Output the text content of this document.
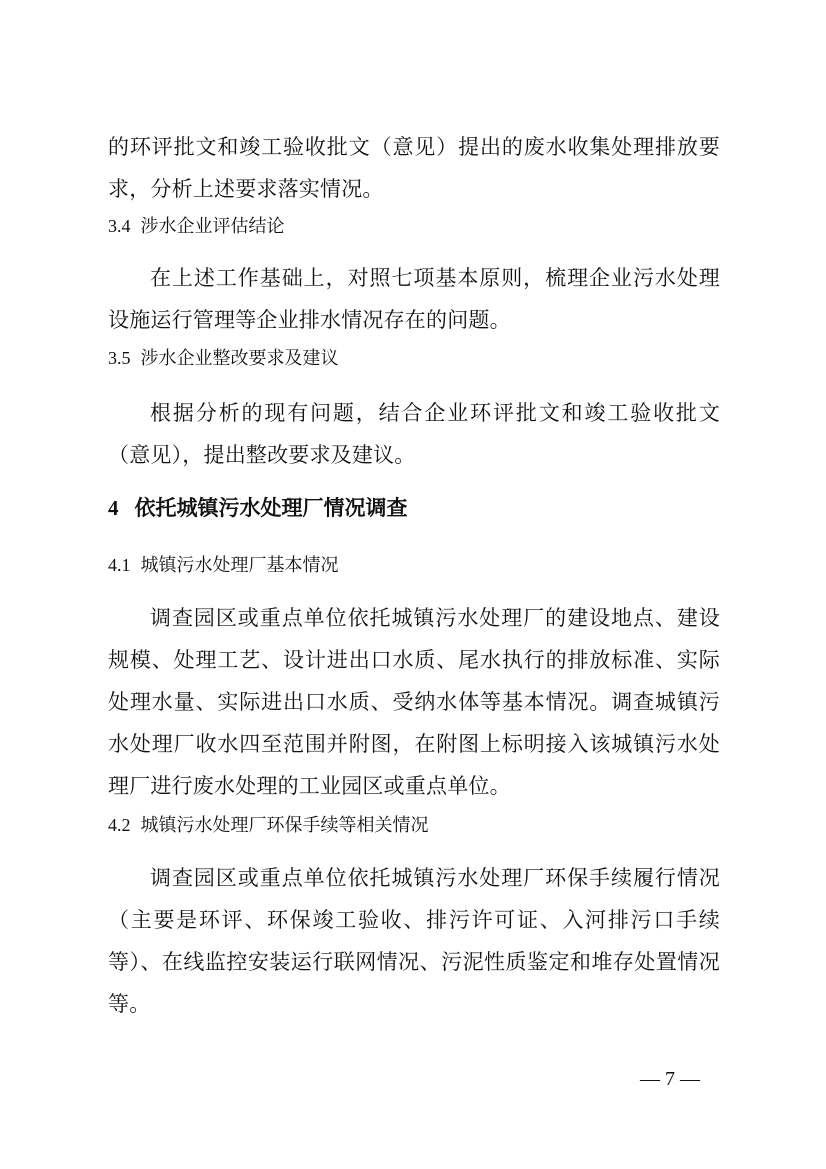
的环评批文和竣工验收批文（意见）提出的废水收集处理排放要求，分析上述要求落实情况。

3.4 涉水企业评估结论

在上述工作基础上，对照七项基本原则，梳理企业污水处理设施运行管理等企业排水情况存在的问题。

3.5 涉水企业整改要求及建议

根据分析的现有问题，结合企业环评批文和竣工验收批文（意见），提出整改要求及建议。

4 依托城镇污水处理厂情况调查
4.1 城镇污水处理厂基本情况

调查园区或重点单位依托城镇污水处理厂的建设地点、建设规模、处理工艺、设计进出口水质、尾水执行的排放标准、实际处理水量、实际进出口水质、受纳水体等基本情况。调查城镇污水处理厂收水四至范围并附图，在附图上标明接入该城镇污水处理厂进行废水处理的工业园区或重点单位。

4.2 城镇污水处理厂环保手续等相关情况

调查园区或重点单位依托城镇污水处理厂环保手续履行情况（主要是环评、环保竣工验收、排污许可证、入河排污口手续等）、在线监控安装运行联网情况、污泥性质鉴定和堆存处置情况等。

— 7 —
